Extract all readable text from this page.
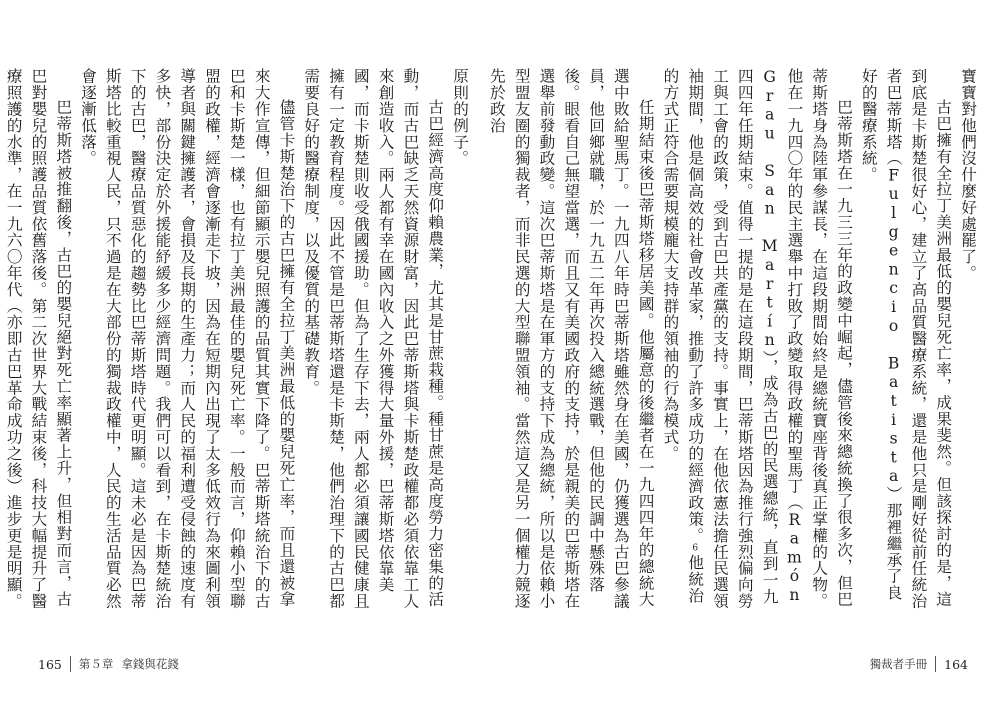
原則的例子。

古巴經濟高度仰賴農業，尤其是甘蔗栽種。種甘蔗是高度勞力密集的活動，而古巴缺乏天然資源財富，因此巴蒂斯塔與卡斯楚政權都必須依靠工人來創造收入。兩人都有幸在國內收入之外獲得大量外援，巴蒂斯塔依靠美國，而卡斯楚則收受俄國援助。但為了生存下去，兩人都必須讓國民健康且擁有一定教育程度。因此不管是巴蒂斯塔還是卡斯楚，他們治理下的古巴都需要良好的醫療制度，以及優質的基礎教育。

儘管卡斯楚治下的古巴擁有全拉丁美洲最低的嬰兒死亡率，而且還被拿來大作宣傳，但細節顯示嬰兒照護的品質其實下降了。巴蒂斯塔統治下的古巴和卡斯楚一樣，也有拉丁美洲最佳的嬰兒死亡率。一般而言，仰賴小型聯盟的政權，經濟會逐漸走下坡，因為在短期內出現了太多低效行為來圖利領導者與關鍵擁護者，會損及長期的生產力；而人民的福利遭受侵蝕的速度有多快，部份決定於外援能紓緩多少經濟問題。我們可以看到，在卡斯楚統治下的古巴，醫療品質惡化的趨勢比巴蒂斯塔時代更明顯。這未必是因為巴蒂斯塔比較重視人民，只不過是在大部份的獨裁政權中，人民的生活品質必然會逐漸低落。

巴蒂斯塔被推翻後，古巴的嬰兒絕對死亡率顯著上升，但相對而言，古巴對嬰兒的照護品質依舊落後。第二次世界大戰結束後，科技大幅提升了醫療照護的水準，在一九六〇年代（亦即古巴革命成功之後）進步更是明顯。

165 第５章 拿錢與花錢

寶寶對他們沒什麼好處罷了。

古巴擁有全拉丁美洲最低的嬰兒死亡率，成果斐然。但該探討的是，這到底是卡斯楚很好心，建立了高品質醫療系統，還是他只是剛好從前任統治者巴蒂斯塔（Fulgencio Batista）那裡繼承了良好的醫療系統。

巴蒂斯塔在一九三三年的政變中崛起，儘管後來總統換了很多次，但巴蒂斯塔身為陸軍參謀長，在這段期間始終是總統寶座背後真正掌權的人物。他在一九四〇年的民主選舉中打敗了政變取得政權的聖馬丁（Ramón Grau San Martín），成為古巴的民選總統，直到一九四四年任期結束。值得一提的是在這段期間，巴蒂斯塔因為推行強烈偏向勞工與工會的政策，受到古巴共產黨的支持。事實上，在他依憲法擔任民選領袖期間，他是個高效的社會改革家，推動了許多成功的經濟政策。6他統治的方式正符合需要規模龐大支持群的領袖的行為模式。

任期結束後巴蒂斯塔移居美國。他屬意的後繼者在一九四四年的總統大選中敗給聖馬丁。一九四八年時巴蒂斯塔雖然身在美國，仍獲選為古巴參議員，他回鄉就職，於一九五二年再次投入總統選戰，但他的民調中懸殊落後。眼看自己無望當選，而且又有美國政府的支持，於是親美的巴蒂斯塔在選舉前發動政變。這次巴蒂斯塔是在軍方的支持下成為總統，所以是依賴小型盟友圈的獨裁者，而非民選的大型聯盟領袖。當然這又是另一個權力競逐先於政治

獨裁者手冊 164
